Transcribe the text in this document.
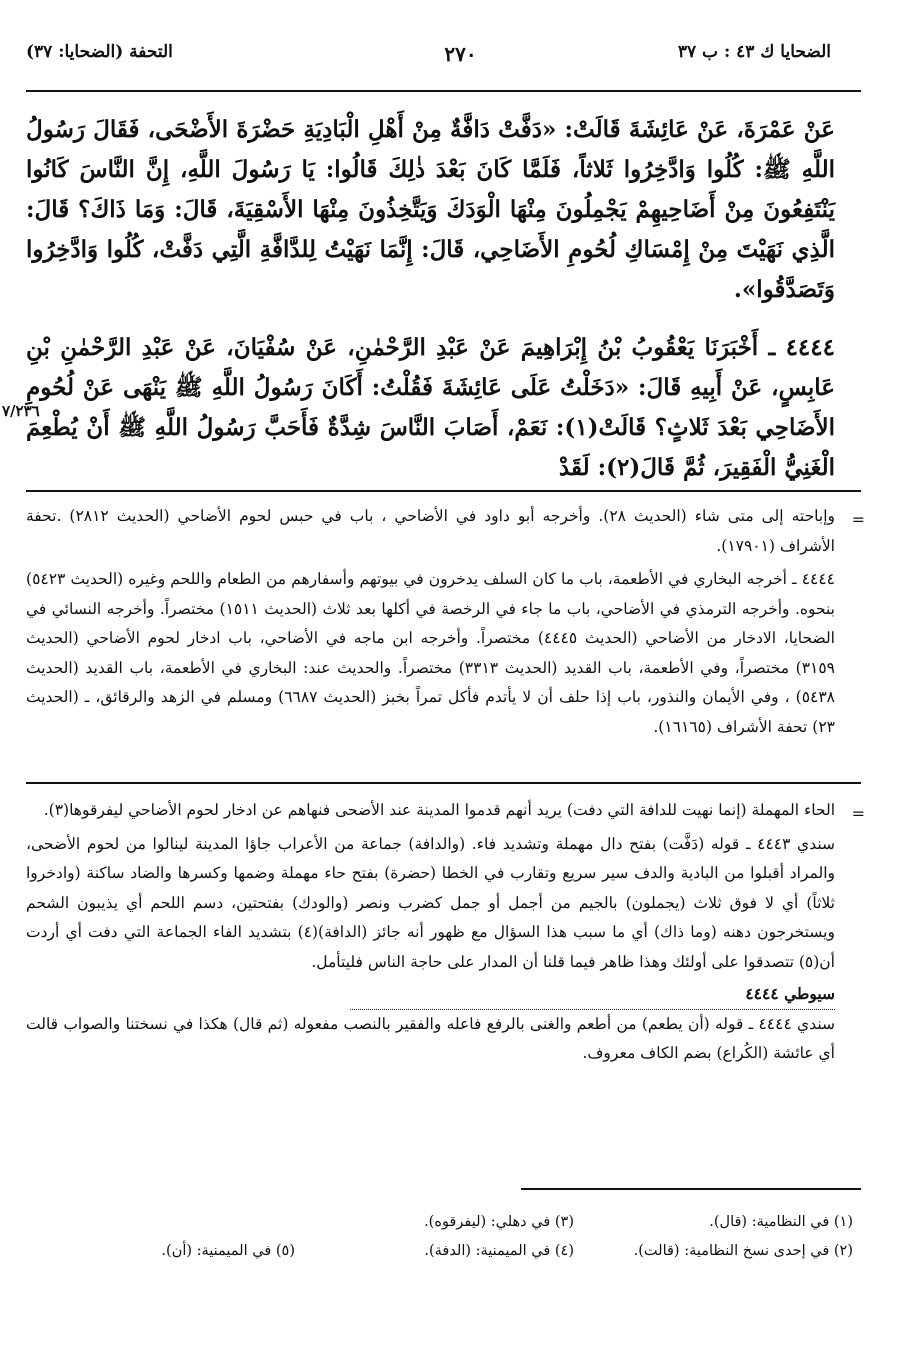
الضحايا ك ٤٣ : ب ٣٧
٢٧٠
التحفة (الضحايا: ٣٧)

عَنْ عَمْرَةَ، عَنْ عَائِشَةَ قَالَتْ: «دَفَّتْ دَافَّةٌ مِنْ أَهْلِ الْبَادِيَةِ حَضْرَةَ الأَضْحَى، فَقَالَ رَسُولُ اللَّهِ ﷺ: كُلُوا وَادَّخِرُوا ثَلاثاً، فَلَمَّا كَانَ بَعْدَ ذٰلِكَ قَالُوا: يَا رَسُولَ اللَّهِ، إِنَّ النَّاسَ كَانُوا يَنْتَفِعُونَ مِنْ أَضَاحِيهِمْ يَجْمِلُونَ مِنْهَا الْوَدَكَ وَيَتَّخِذُونَ مِنْهَا الأَسْقِيَةَ، قَالَ: وَمَا ذَاكَ؟ قَالَ: الَّذِي نَهَيْتَ مِنْ إِمْسَاكِ لُحُومِ الأَضَاحِي، قَالَ: إِنَّمَا نَهَيْتُ لِلدَّافَّةِ الَّتِي دَفَّتْ، كُلُوا وَادَّخِرُوا وَتَصَدَّقُوا».

٤٤٤٤ ـ أَخْبَرَنَا يَعْقُوبُ بْنُ إِبْرَاهِيمَ عَنْ عَبْدِ الرَّحْمٰنِ، عَنْ سُفْيَانَ، عَنْ عَبْدِ الرَّحْمٰنِ بْنِ عَابِسٍ، عَنْ أَبِيهِ قَالَ: «دَخَلْتُ عَلَى عَائِشَةَ فَقُلْتُ: أَكَانَ رَسُولُ اللَّهِ ﷺ يَنْهَى عَنْ لُحُومِ الأَضَاحِي بَعْدَ ثَلاثٍ؟ قَالَتْ(١): نَعَمْ، أَصَابَ النَّاسَ شِدَّةٌ فَأَحَبَّ رَسُولُ اللَّهِ ﷺ أَنْ يُطْعِمَ الْغَنِيُّ الْفَقِيرَ، ثُمَّ قَالَ(٢): لَقَدْ

٧/٢٣٦
=

وإباحته إلى متى شاء (الحديث ٢٨). وأخرجه أبو داود في الأضاحي ، باب في حبس لحوم الأضاحي (الحديث ٢٨١٢) .تحفة الأشراف (١٧٩٠١).

٤٤٤٤ ـ أخرجه البخاري في الأطعمة، باب ما كان السلف يدخرون في بيوتهم وأسفارهم من الطعام واللحم وغيره (الحديث ٥٤٢٣) بنحوه. وأخرجه الترمذي في الأضاحي، باب ما جاء في الرخصة في أكلها بعد ثلاث (الحديث ١٥١١) مختصراً. وأخرجه النسائي في الضحايا، الادخار من الأضاحي (الحديث ٤٤٤٥) مختصراً. وأخرجه ابن ماجه في الأضاحي، باب ادخار لحوم الأضاحي (الحديث ٣١٥٩) مختصراً، وفي الأطعمة، باب القديد (الحديث ٣٣١٣) مختصراً. والحديث عند: البخاري في الأطعمة، باب القديد (الحديث ٥٤٣٨) ، وفي الأيمان والنذور، باب إذا حلف أن لا يأتدم فأكل تمراً بخبز (الحديث ٦٦٨٧) ومسلم في الزهد والرقائق، ـ (الحديث ٢٣) تحفة الأشراف (١٦١٦٥).

=

الحاء المهملة (إنما نهيت للدافة التي دفت) يريد أنهم قدموا المدينة عند الأضحى فنهاهم عن ادخار لحوم الأضاحي ليفرقوها(٣).

سندي ٤٤٤٣ ـ قوله (دَفَّت) بفتح دال مهملة وتشديد فاء. (والدافة) جماعة من الأعراب جاؤا المدينة لينالوا من لحوم الأضحى، والمراد أقبلوا من البادية والدف سير سريع وتقارب في الخطا (حضرة) بفتح حاء مهملة وضمها وكسرها والضاد ساكنة (وادخروا ثلاثاً) أي لا فوق ثلاث (يجملون) بالجيم من أجمل أو جمل كضرب ونصر (والودك) بفتحتين، دسم اللحم أي يذيبون الشحم ويستخرجون دهنه (وما ذاك) أي ما سبب هذا السؤال مع ظهور أنه جائز (الدافة)(٤) بتشديد الفاء الجماعة التي دفت أي أردت أن(٥) تتصدقوا على أولئك وهذا ظاهر فيما قلنا أن المدار على حاجة الناس فليتأمل.

سيوطي ٤٤٤٤

سندي ٤٤٤٤ ـ قوله (أن يطعم) من أطعم والغنى بالرفع فاعله والفقير بالنصب مفعوله (ثم قال) هكذا في نسختنا والصواب قالت أي عائشة (الكُراع) بضم الكاف معروف.

(١) في النظامية: (قال).
(٣) في دهلي: (ليفرقوه).
(٢) في إحدى نسخ النظامية: (قالت).
(٤) في الميمنية: (الدفة).
(٥) في الميمنية: (أن).
